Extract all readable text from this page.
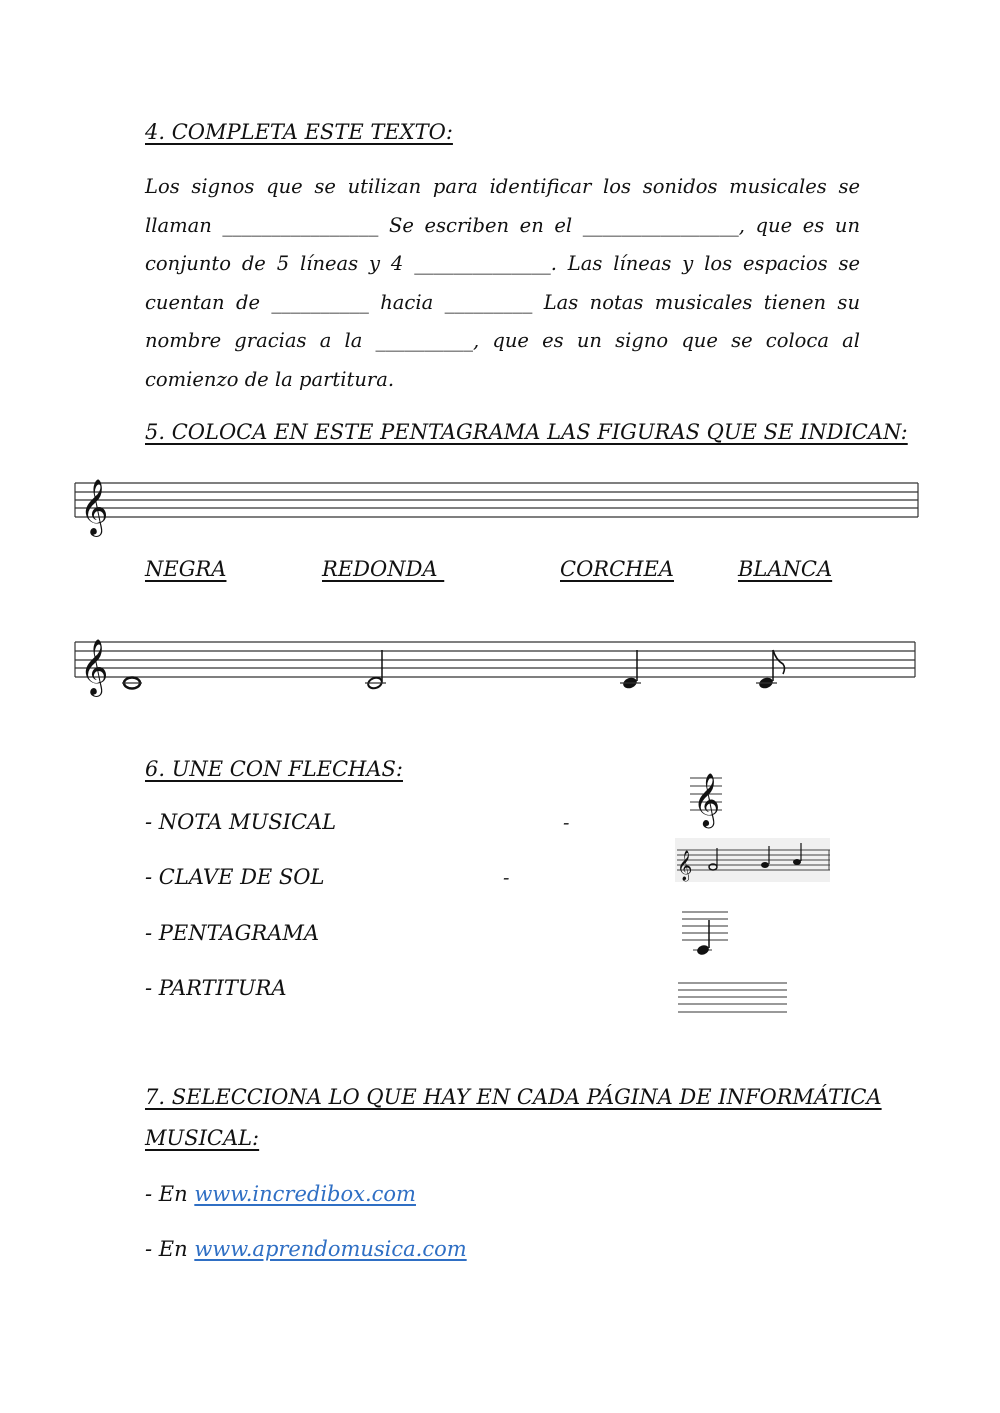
4. COMPLETA ESTE TEXTO:
Los signos que se utilizan para identificar los sonidos musicales se
llaman ________________ Se escriben en el ________________, que es un
conjunto de 5 líneas y 4 ______________. Las líneas y los espacios se
cuentan de __________ hacia _________ Las notas musicales tienen su
nombre gracias a la __________, que es un signo que se coloca al
comienzo de la partitura.
5. COLOCA EN ESTE PENTAGRAMA LAS FIGURAS QUE SE INDICAN:
𝄞
NEGRA	REDONDA	CORCHEA	BLANCA
𝄞
6. UNE CON FLECHAS:
- NOTA MUSICAL	-
- CLAVE DE SOL	-
- PENTAGRAMA
- PARTITURA
𝄞
𝄞
7. SELECCIONA LO QUE HAY EN CADA PÁGINA DE INFORMÁTICA
MUSICAL:
- En www.incredibox.com
- En www.aprendomusica.com
